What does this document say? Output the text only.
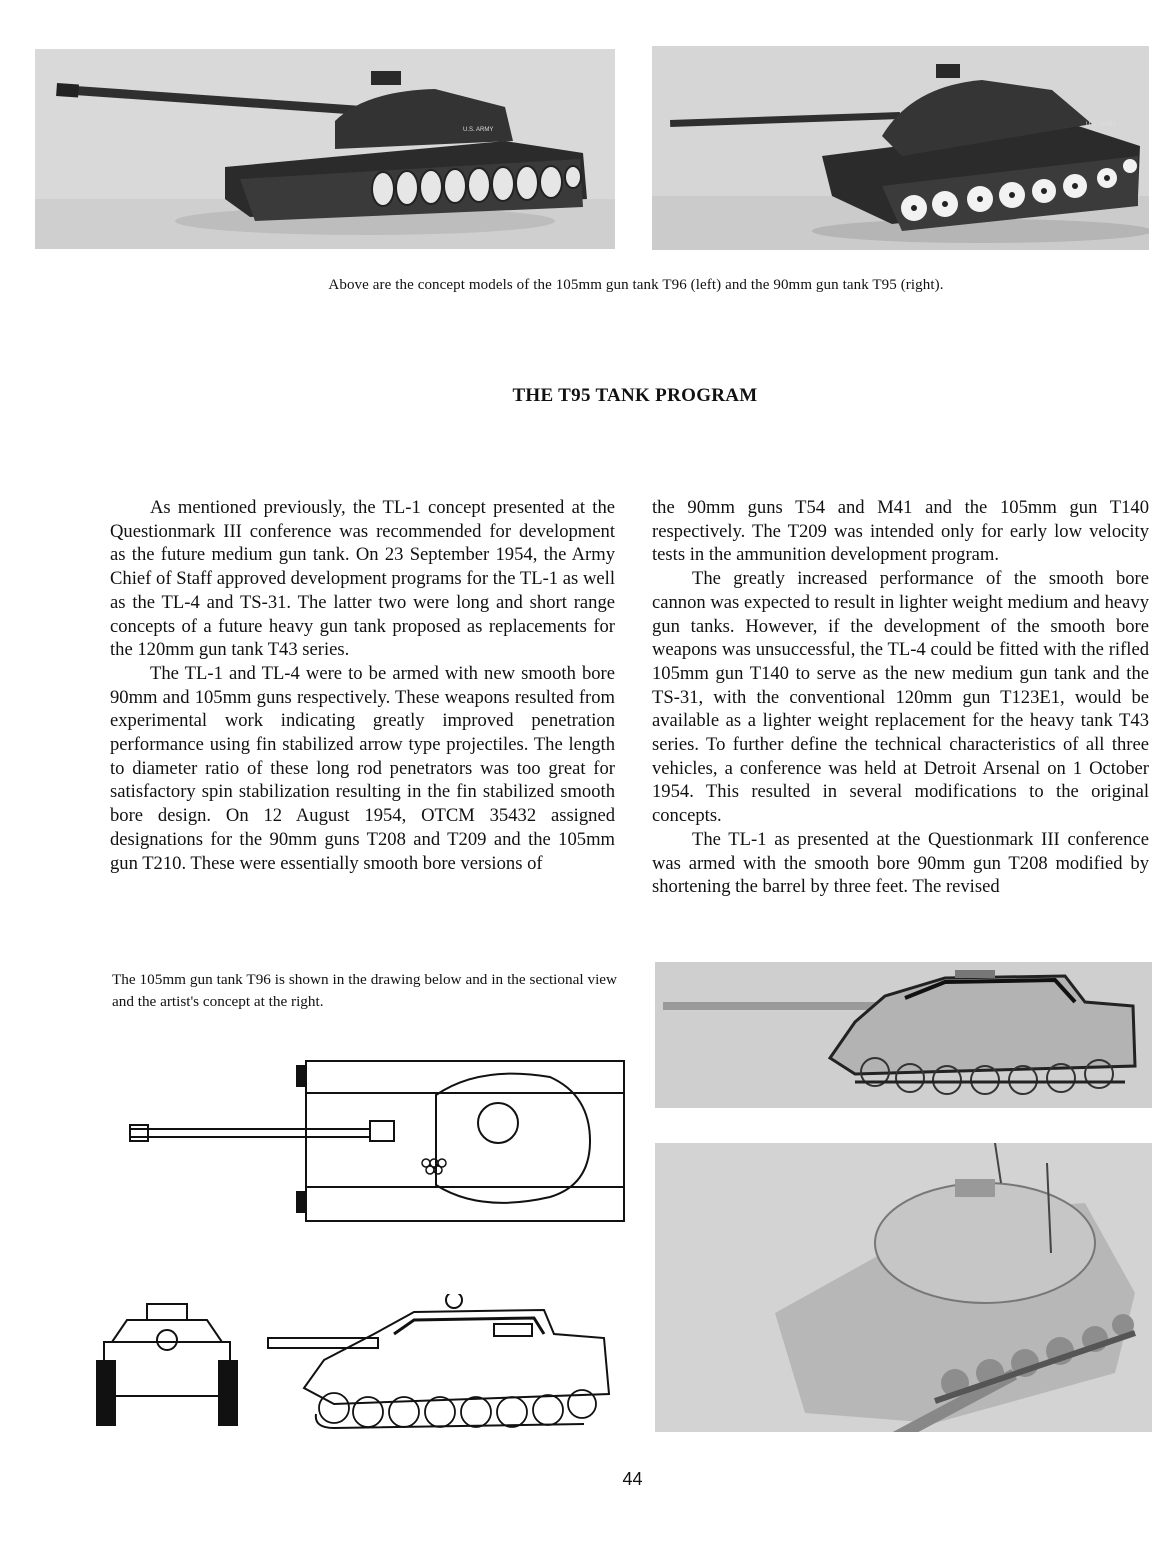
U.S. ARMY
U.S. ARMY
Above are the concept models of the 105mm gun tank T96 (left) and the 90mm gun tank T95 (right).
THE T95 TANK PROGRAM

As mentioned previously, the TL-1 concept presented at the Questionmark III conference was recommended for development as the future medium gun tank. On 23 September 1954, the Army Chief of Staff approved development programs for the TL-1 as well as the TL-4 and TS-31. The latter two were long and short range concepts of a future heavy gun tank proposed as replacements for the 120mm gun tank T43 series.

The TL-1 and TL-4 were to be armed with new smooth bore 90mm and 105mm guns respectively. These weapons resulted from experimental work indicating greatly improved penetration performance using fin stabilized arrow type projectiles. The length to diameter ratio of these long rod penetrators was too great for satisfactory spin stabilization resulting in the fin stabilized smooth bore design. On 12 August 1954, OTCM 35432 assigned designations for the 90mm guns T208 and T209 and the 105mm gun T210. These were essentially smooth bore versions of

the 90mm guns T54 and M41 and the 105mm gun T140 respectively. The T209 was intended only for early low velocity tests in the ammunition development program.

The greatly increased performance of the smooth bore cannon was expected to result in lighter weight medium and heavy gun tanks. However, if the development of the smooth bore weapons was unsuccessful, the TL-4 could be fitted with the rifled 105mm gun T140 to serve as the new medium gun tank and the TS-31, with the conventional 120mm gun T123E1, would be available as a lighter weight replacement for the heavy tank T43 series. To further define the technical characteristics of all three vehicles, a conference was held at Detroit Arsenal on 1 October 1954. This resulted in several modifications to the original concepts.

The TL-1 as presented at the Questionmark III conference was armed with the smooth bore 90mm gun T208 modified by shortening the barrel by three feet. The revised

The 105mm gun tank T96 is shown in the drawing below and in the sectional view and the artist's concept at the right.
44
